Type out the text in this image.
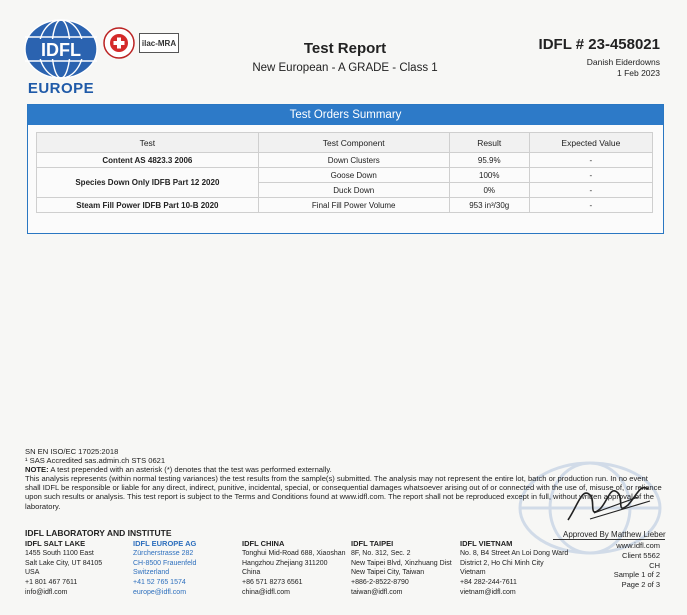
IDFL
EUROPE
ilac-MRA	Test Report
New European - A GRADE - Class 1
IDFL # 23-458021
Danish Eiderdowns
1 Feb 2023
Test Orders Summary
Test	Test Component	Result	Expected Value
Content AS 4823.3 2006	Down Clusters	95.9%	-
Species Down Only IDFB Part 12 2020	Goose Down	100%	-
	Duck Down	0%	-
Steam Fill Power IDFB Part 10-B 2020	Final Fill Power Volume	953 in³/30g	-
SN EN ISO/EC 17025:2018
¹ SAS Accredited sas.admin.ch STS 0621
NOTE: A test prepended with an asterisk (*) denotes that the test was performed externally.
This analysis represents (within normal testing variances) the test results from the sample(s) submitted. The analysis may not represent the entire lot, batch or production run. In no event shall IDFL be responsible or liable for any direct, indirect, punitive, incidental, special, or consequential damages whatsoever arising out of or connected with the use of, misuse of, or reliance upon such results or analysis. This test report is subject to the Terms and Conditions found at www.idfl.com. The report shall not be reproduced except in full, without written approval of the laboratory.
Approved By Matthew Lieber
IDFL LABORATORY AND INSTITUTE
IDFL SALT LAKE
1455 South 1100 East
Salt Lake City, UT 84105
USA
+1 801 467 7611
info@idfl.com
IDFL EUROPE AG
Zürcherstrasse 282
CH-8500 Frauenfeld
Switzerland
+41 52 765 1574
europe@idfl.com
IDFL CHINA
Tonghui Mid-Road 688, Xiaoshan
Hangzhou Zhejiang 311200
China
+86 571 8273 6561
china@idfl.com
IDFL TAIPEI
8F, No. 312, Sec. 2
New Taipei Blvd, Xinzhuang Dist
New Taipei City, Taiwan
+886-2-8522-8790
taiwan@idfl.com
IDFL VIETNAM
No. 8, B4 Street An Loi Dong Ward
District 2, Ho Chi Minh City
Vietnam
+84 282-244-7611
vietnam@idfl.com
www.idfl.com
Client 5562
CH
Sample 1 of 2
Page 2 of 3
